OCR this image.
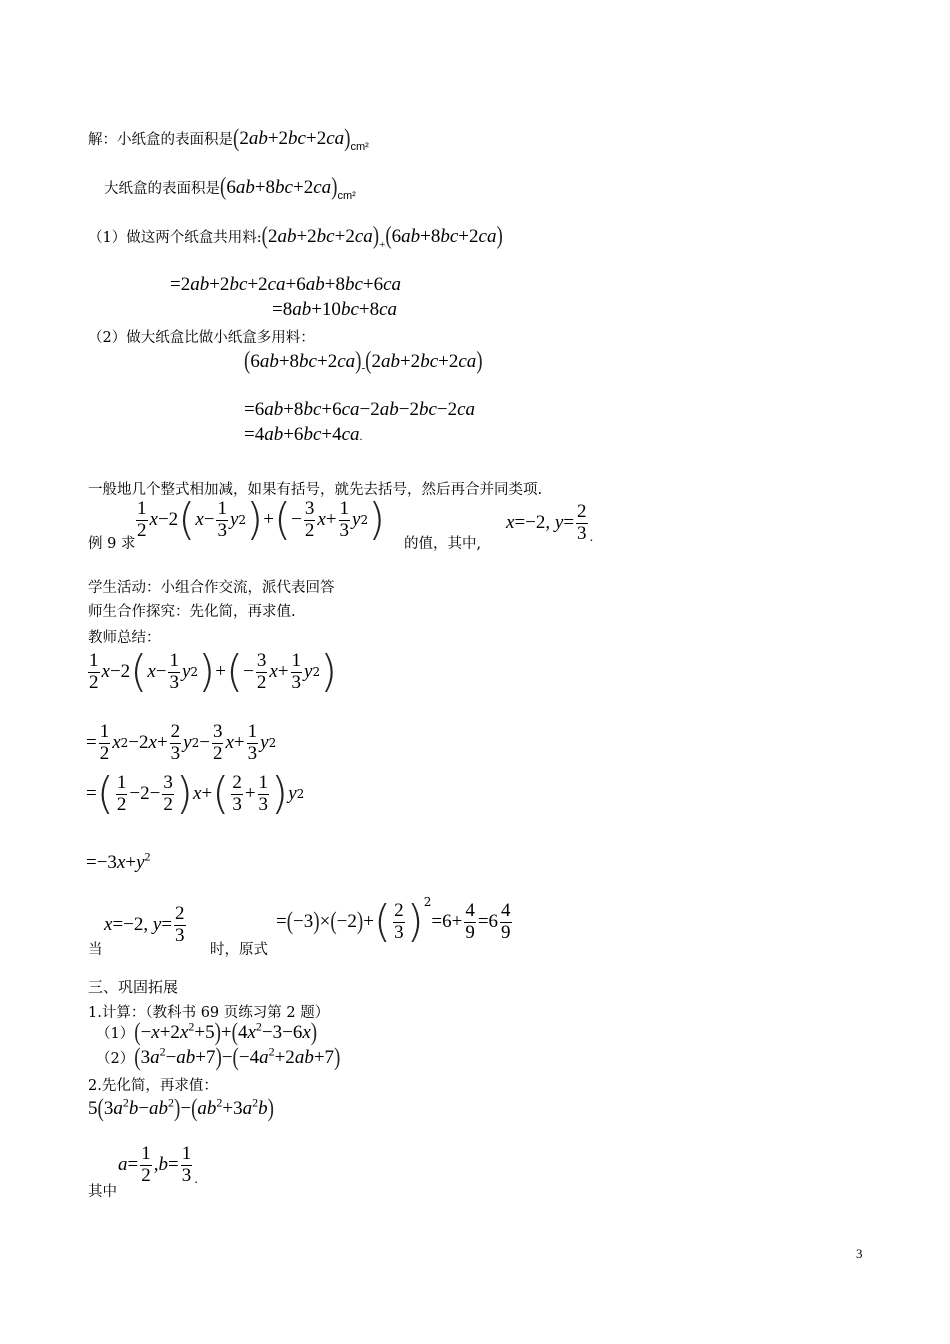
解：小纸盒的表面积是$(2ab+2bc+2ca)_{cm^2}$
大纸盒的表面积是$(6ab+8bc+2ca)_{cm^2}$
（1）做这两个纸盒共用料$:(2ab+2bc+2ca)_+(6ab+8bc+2ca)$
=2ab+2bc+2ca+6ab+8bc+6ca
=8ab+10bc+8ca
（2）做大纸盒比做小纸盒多用料：
$(6ab+8bc+2ca)_-(2ab+2bc+2ca)$
=6ab+8bc+6ca−2ab−2bc−2ca
=4ab+6bc+4ca.
一般地几个整式相加减，如果有括号，就先去括号，然后再合并同类项.
$\frac{1}{2}$ x −2 ( $x - \frac{1}{3}$ y 2 ) + ( − $\frac{3}{2}$ $x + \frac{1}{3}$ y 2 )
例 9 求	的值，其中,
x =−2, $y = \frac{2}{3}$ .
学生活动：小组合作交流，派代表回答
师生合作探究：先化简，再求值.
教师总结：
$\frac{1}{2}$ x −2 ( $x - \frac{1}{3}$ y 2 ) + ( − $\frac{3}{2}$ $x + \frac{1}{3}$ y 2 )
= $\frac{1}{2}$ x 2 −2 $x + \frac{2}{3}$ y $2 - \frac{3}{2}$ $x + \frac{1}{3}$ y 2
= ( $\frac{1}{2} -2- \frac{3}{2}$ ) x + ( $\frac{2}{3} + \frac{1}{3}$ ) y 2
$=-3x+y^2$
当
x =−2, $y = \frac{2}{3}$
时，原式
= (−3)×(−2)+ ( $\frac{2}{3}$ ) 2
$=6+ \frac{4}{9} =6 \frac{4}{9}$
三、巩固拓展
1.计算：（教科书 69 页练习第 2 题）
$(1)(-x+2x^2+5)+(4x^2-3-6x)$
$(2)(3a^2-ab+7)-(-4a^2+2ab+7)$
2.先化简，再求值：
$5(3a^2b-ab^2)-(ab^2+3a^2b)$
其中
$a = \frac{1}{2}$ , $b = \frac{1}{3}$ .
3
